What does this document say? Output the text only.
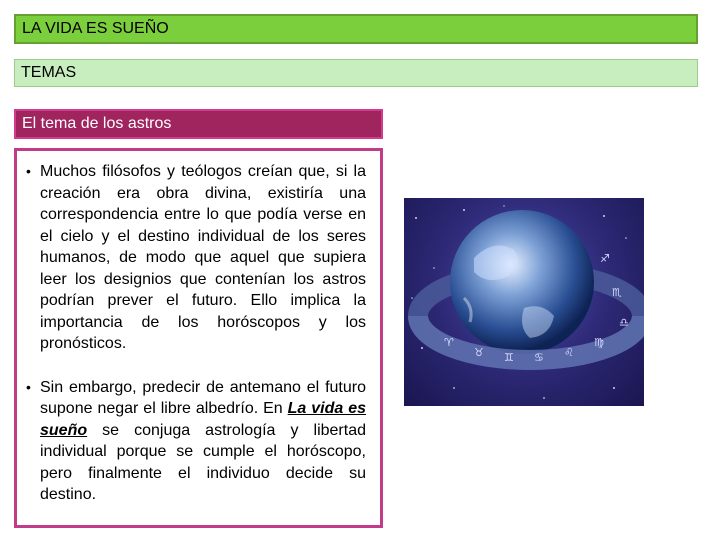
LA VIDA ES SUEÑO
TEMAS
El tema de los astros

• Muchos filósofos y teólogos creían que, si la creación era obra divina, existiría una correspondencia entre lo que podía verse en el cielo y el destino individual de los seres humanos, de modo que aquel que supiera leer los designios que contenían los astros podrían prever el futuro. Ello implica la importancia de los horóscopos y los pronósticos.

• Sin embargo, predecir de antemano el futuro supone negar el libre albedrío. En La vida es sueño se conjuga astrología y libertad individual porque se cumple el horóscopo, pero finalmente el individuo decide su destino.

♈
♉ ♊ ♋ ♌
♍
♎
♏
♐
